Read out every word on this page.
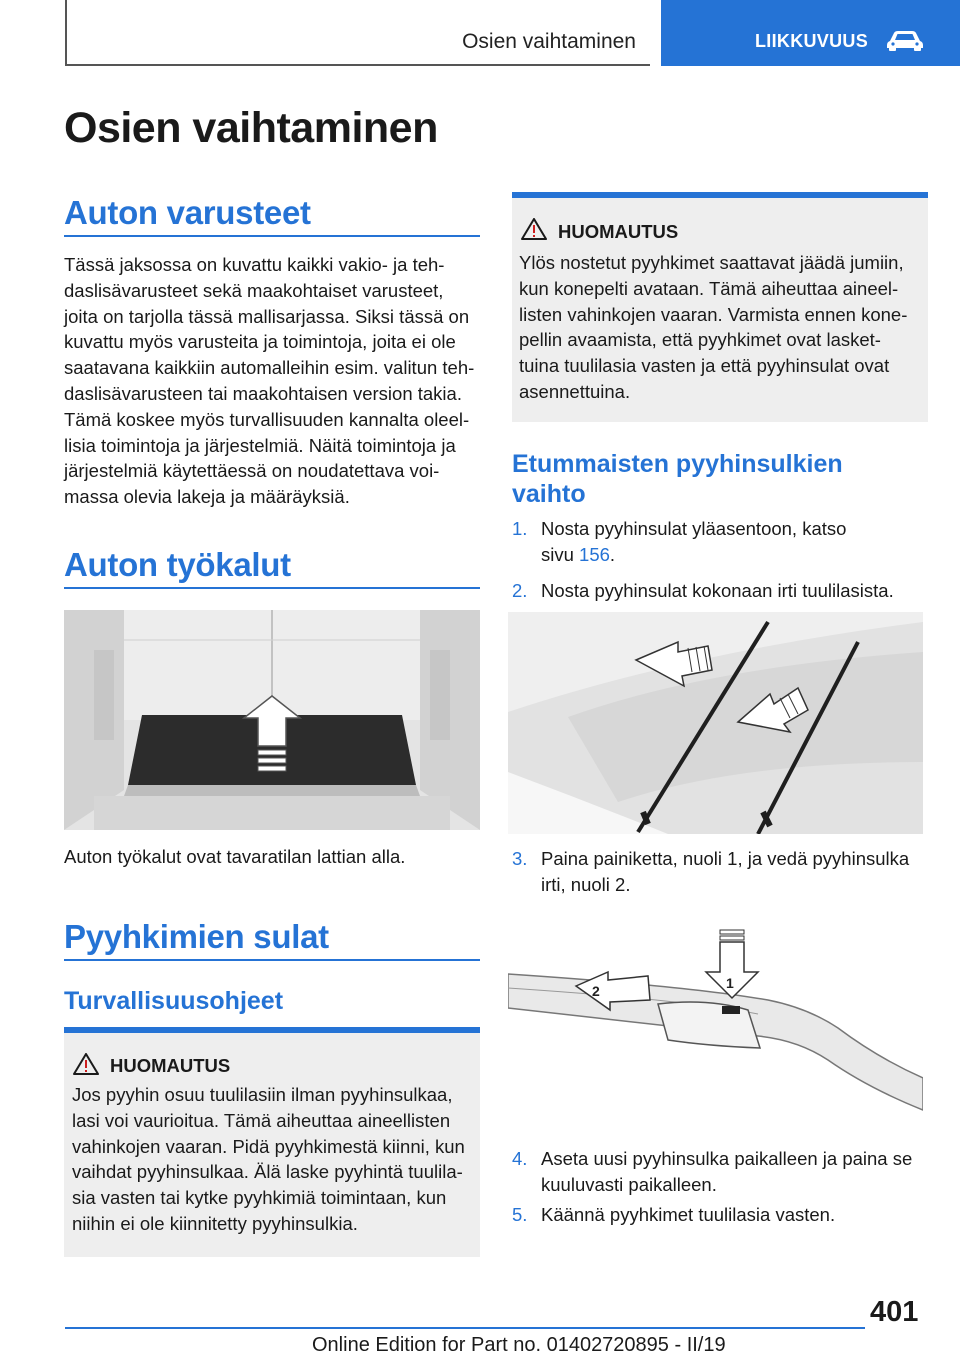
Osien vaihtaminen	LIIKKUVUUS
Osien vaihtaminen
Auton varusteet
Tässä jaksossa on kuvattu kaikki vakio- ja teh-
daslisävarusteet sekä maakohtaiset varusteet,
joita on tarjolla tässä mallisarjassa. Siksi tässä on
kuvattu myös varusteita ja toimintoja, joita ei ole
saatavana kaikkiin automalleihin esim. valitun teh-
daslisävarusteen tai maakohtaisen version takia.
Tämä koskee myös turvallisuuden kannalta oleel-
lisia toimintoja ja järjestelmiä. Näitä toimintoja ja
järjestelmiä käytettäessä on noudatettava voi-
massa olevia lakeja ja määräyksiä.
Auton työkalut
Auton työkalut ovat tavaratilan lattian alla.
Pyyhkimien sulat
Turvallisuusohjeet
HUOMAUTUS
Jos pyyhin osuu tuulilasiin ilman pyyhinsulkaa,
lasi voi vaurioitua. Tämä aiheuttaa aineellisten
vahinkojen vaaran. Pidä pyyhkimestä kiinni, kun
vaihdat pyyhinsulkaa. Älä laske pyyhintä tuulila-
sia vasten tai kytke pyyhkimiä toimintaan, kun
niihin ei ole kiinnitetty pyyhinsulkia.
HUOMAUTUS
Ylös nostetut pyyhkimet saattavat jäädä jumiin,
kun konepelti avataan. Tämä aiheuttaa aineel-
listen vahinkojen vaaran. Varmista ennen kone-
pellin avaamista, että pyyhkimet ovat lasket-
tuina tuulilasia vasten ja että pyyhinsulat ovat
asennettuina.
Etummaisten pyyhinsulkien
vaihto
1. Nosta pyyhinsulat yläasentoon, katso
sivu 156.
2. Nosta pyyhinsulat kokonaan irti tuulilasista.
3. Paina painiketta, nuoli 1, ja vedä pyyhinsulka
irti, nuoli 2.
2	1
4. Aseta uusi pyyhinsulka paikalleen ja paina se
kuuluvasti paikalleen.
5. Käännä pyyhkimet tuulilasia vasten.
401
Online Edition for Part no. 01402720895 - II/19
